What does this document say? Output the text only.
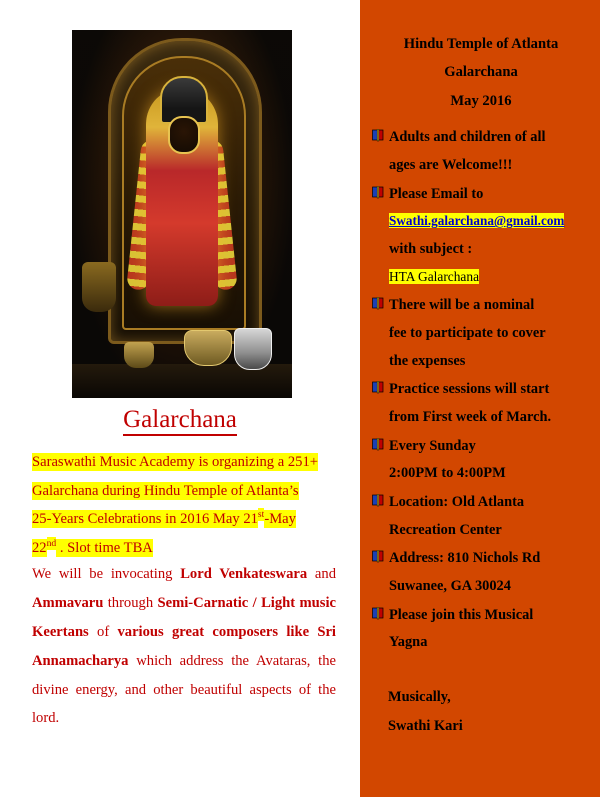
Galarchana
Saraswathi Music Academy is organizing a 251+
Galarchana during Hindu Temple of Atlanta’s
25-Years Celebrations in 2016 May 21st-May
22nd . Slot time TBA
We will be invocating Lord Venkateswara and Ammavaru through Semi-Carnatic / Light music Keertans of various great composers like Sri Annamacharya which address the Avataras, the divine energy, and other beautiful aspects of the lord.
Hindu Temple of Atlanta
Galarchana
May 2016
Adults and children of all
ages are Welcome!!!
Please Email to
Swathi.galarchana@gmail.com
with subject :
HTA Galarchana
There will be a nominal
fee to participate to cover
the expenses
Practice sessions will start
from First week of March.
Every Sunday
2:00PM to 4:00PM
Location: Old Atlanta
Recreation Center
Address: 810 Nichols Rd
Suwanee, GA 30024
Please join this Musical
Yagna
Musically,
Swathi Kari
